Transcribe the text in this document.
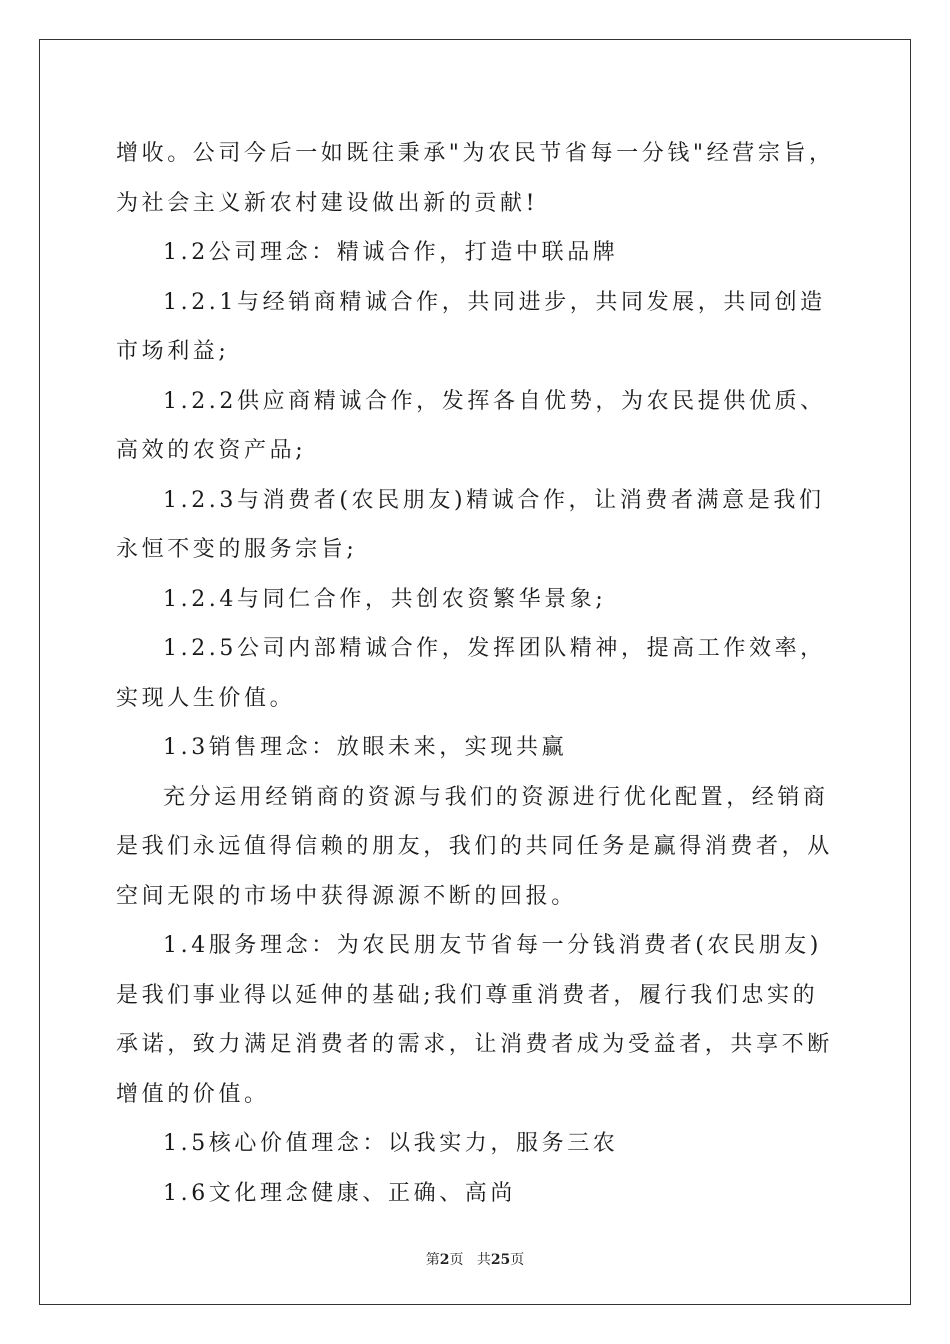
增收。公司今后一如既往秉承"为农民节省每一分钱"经营宗旨，为社会主义新农村建设做出新的贡献!

1.2公司理念：精诚合作，打造中联品牌

1.2.1与经销商精诚合作，共同进步，共同发展，共同创造市场利益;

1.2.2供应商精诚合作，发挥各自优势，为农民提供优质、高效的农资产品;

1.2.3与消费者(农民朋友)精诚合作，让消费者满意是我们永恒不变的服务宗旨;

1.2.4与同仁合作，共创农资繁华景象;

1.2.5公司内部精诚合作，发挥团队精神，提高工作效率，实现人生价值。

1.3销售理念：放眼未来，实现共赢

充分运用经销商的资源与我们的资源进行优化配置，经销商是我们永远值得信赖的朋友，我们的共同任务是赢得消费者，从空间无限的市场中获得源源不断的回报。

1.4服务理念：为农民朋友节省每一分钱消费者(农民朋友)是我们事业得以延伸的基础;我们尊重消费者，履行我们忠实的承诺，致力满足消费者的需求，让消费者成为受益者，共享不断增值的价值。

1.5核心价值理念：以我实力，服务三农

1.6文化理念健康、正确、高尚

第2页 共25页
